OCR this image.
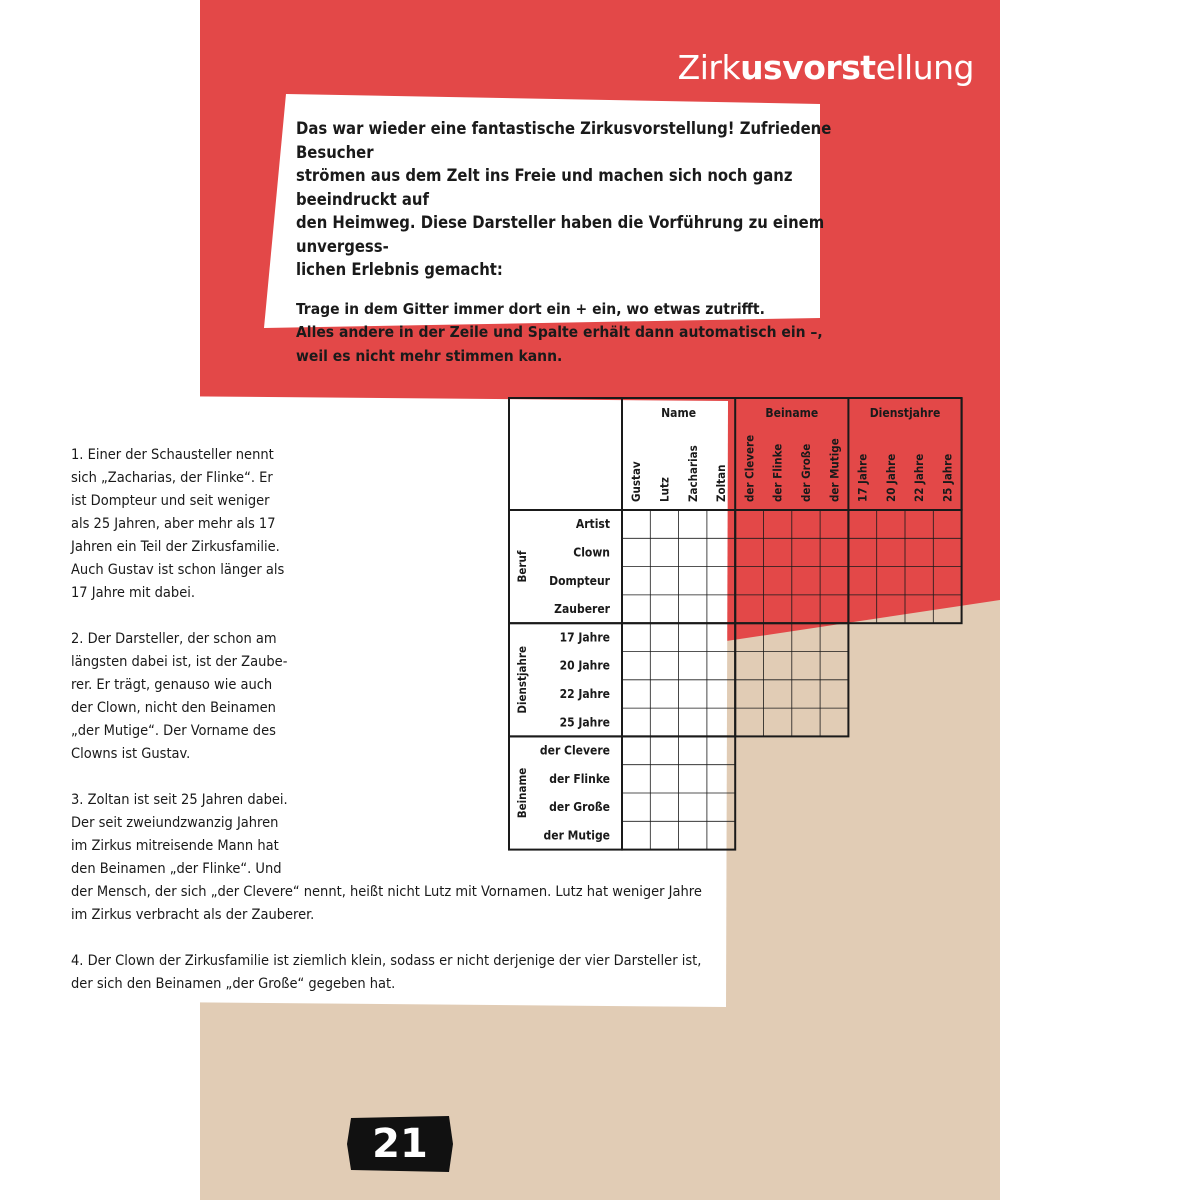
Zirkusvorstellung

Das war wieder eine fantastische Zirkusvorstellung! Zufriedene Besucher

strömen aus dem Zelt ins Freie und machen sich noch ganz beeindruckt auf

den Heimweg. Diese Darsteller haben die Vorführung zu einem unvergess-

lichen Erlebnis gemacht:

Trage in dem Gitter immer dort ein + ein, wo etwas zutrifft.

Alles andere in der Zeile und Spalte erhält dann automatisch ein –,

weil es nicht mehr stimmen kann.

1. Einer der Schausteller nennt
sich „Zacharias, der Flinke“. Er
ist Dompteur und seit weniger
als 25 Jahren, aber mehr als 17
Jahren ein Teil der Zirkusfamilie.
Auch Gustav ist schon länger als
17 Jahre mit dabei.
2. Der Darsteller, der schon am
längsten dabei ist, ist der Zaube-
rer. Er trägt, genauso wie auch
der Clown, nicht den Beinamen
„der Mutige“. Der Vorname des
Clowns ist Gustav.
3. Zoltan ist seit 25 Jahren dabei.
Der seit zweiundzwanzig Jahren
im Zirkus mitreisende Mann hat
den Beinamen „der Flinke“. Und
der Mensch, der sich „der Clevere“ nennt, heißt nicht Lutz mit Vornamen. Lutz hat weniger Jahre
im Zirkus verbracht als der Zauberer.
4. Der Clown der Zirkusfamilie ist ziemlich klein, sodass er nicht derjenige der vier Darsteller ist,
der sich den Beinamen „der Große“ gegeben hat.
Name
Gustav Lutz Zacharias Zoltan
Beiname
der Clevere der Flinke der Große der Mutige
Dienstjahre
17 Jahre 20 Jahre 22 Jahre 25 Jahre
Beruf
Artist
Clown
Dompteur
Zauberer
Dienstjahre
17 Jahre
20 Jahre
22 Jahre
25 Jahre
Beiname
der Clevere
der Flinke
der Große
der Mutige
21
